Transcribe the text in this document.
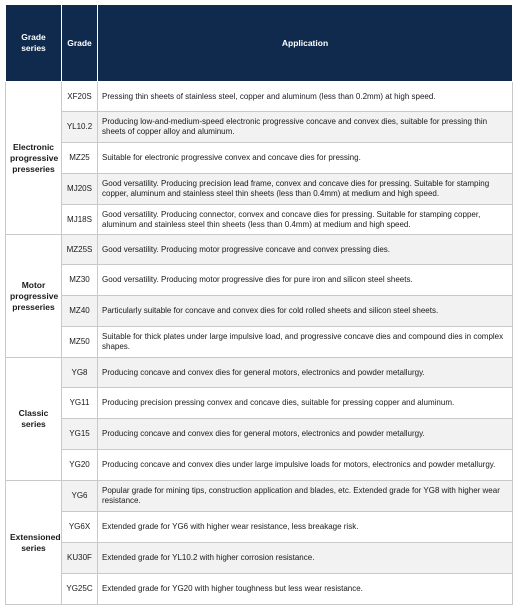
Grade
series	Grade	Application
Electronic
progressive
presseries	XF20S	Pressing thin sheets of stainless steel, copper and aluminum (less than 0.2mm) at high speed.
	YL10.2	Producing low-and-medium-speed electronic progressive concave and convex dies, suitable for pressing thin sheets of copper alloy and aluminum.
	MZ25	Suitable for electronic progressive convex and concave dies for pressing.
	MJ20S	Good versatility. Producing precision lead frame, convex and concave dies for pressing. Suitable for stamping copper, aluminum and stainless steel thin sheets (less than 0.4mm) at medium and high speed.
	MJ18S	Good versatility. Producing connector, convex and concave dies for pressing. Suitable for stamping copper, aluminum and stainless steel thin sheets (less than 0.4mm) at medium and high speed.
Motor
progressive
presseries	MZ25S	Good versatility. Producing motor progressive concave and convex pressing dies.
	MZ30	Good versatility. Producing motor progressive dies for pure iron and silicon steel sheets.
	MZ40	Particularly suitable for concave and convex dies for cold rolled sheets and silicon steel sheets.
	MZ50	Suitable for thick plates under large impulsive load, and progressive concave dies and compound dies in complex shapes.
Classic
series	YG8	Producing concave and convex dies for general motors, electronics and powder metallurgy.
	YG11	Producing precision pressing convex and concave dies, suitable for pressing copper and aluminum.
	YG15	Producing concave and convex dies for general motors, electronics and powder metallurgy.
	YG20	Producing concave and convex dies under large impulsive loads for motors, electronics and powder metallurgy.
Extensioned
series	YG6	Popular grade for mining tips, construction application and blades, etc. Extended grade for YG8 with higher wear resistance.
	YG6X	Extended grade for YG6 with higher wear resistance, less breakage risk.
	KU30F	Extended grade for YL10.2 with higher corrosion resistance.
	YG25C	Extended grade for YG20 with higher toughness but less wear resistance.
